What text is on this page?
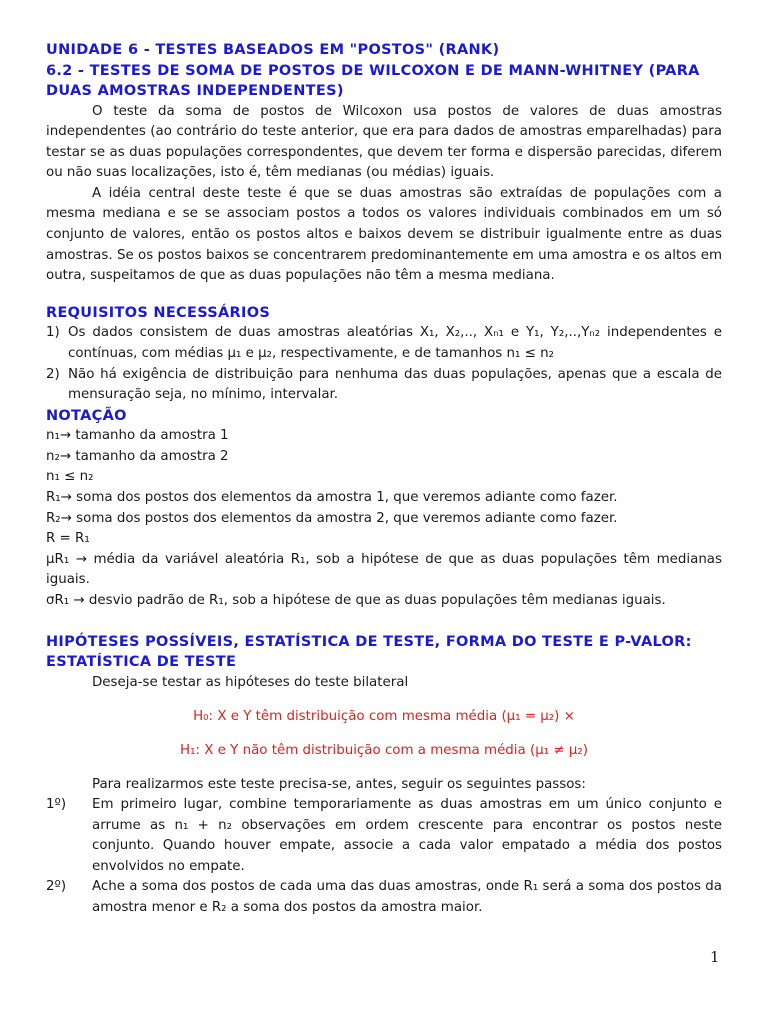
UNIDADE 6 - TESTES BASEADOS EM "POSTOS" (RANK)

6.2 - TESTES DE SOMA DE POSTOS DE WILCOXON E DE MANN-WHITNEY (PARA DUAS AMOSTRAS INDEPENDENTES)

O teste da soma de postos de Wilcoxon usa postos de valores de duas amostras independentes (ao contrário do teste anterior, que era para dados de amostras emparelhadas) para testar se as duas populações correspondentes, que devem ter forma e dispersão parecidas, diferem ou não suas localizações, isto é, têm medianas (ou médias) iguais.

A idéia central deste teste é que se duas amostras são extraídas de populações com a mesma mediana e se se associam postos a todos os valores individuais combinados em um só conjunto de valores, então os postos altos e baixos devem se distribuir igualmente entre as duas amostras. Se os postos baixos se concentrarem predominantemente em uma amostra e os altos em outra, suspeitamos de que as duas populações não têm a mesma mediana.

REQUISITOS NECESSÁRIOS

1) Os dados consistem de duas amostras aleatórias X₁, X₂,.., Xₙ₁ e Y₁, Y₂,..,Yₙ₂ independentes e contínuas, com médias μ₁ e μ₂, respectivamente, e de tamanhos n₁ ≤ n₂
2) Não há exigência de distribuição para nenhuma das duas populações, apenas que a escala de mensuração seja, no mínimo, intervalar.

NOTAÇÃO

n₁→ tamanho da amostra 1

n₂→ tamanho da amostra 2

n₁ ≤ n₂

R₁→ soma dos postos dos elementos da amostra 1, que veremos adiante como fazer.

R₂→ soma dos postos dos elementos da amostra 2, que veremos adiante como fazer.

R = R₁

μR₁ → média da variável aleatória R₁, sob a hipótese de que as duas populações têm medianas iguais.

σR₁ → desvio padrão de R₁, sob a hipótese de que as duas populações têm medianas iguais.

HIPÓTESES POSSÍVEIS, ESTATÍSTICA DE TESTE, FORMA DO TESTE E P-VALOR:

ESTATÍSTICA DE TESTE

Deseja-se testar as hipóteses do teste bilateral

H₀: X e Y têm distribuição com mesma média (μ₁ = μ₂) ×

H₁: X e Y não têm distribuição com a mesma média (μ₁ ≠ μ₂)

Para realizarmos este teste precisa-se, antes, seguir os seguintes passos:

1º)	Em primeiro lugar, combine temporariamente as duas amostras em um único conjunto e arrume as n₁ + n₂ observações em ordem crescente para encontrar os postos neste conjunto. Quando houver empate, associe a cada valor empatado a média dos postos envolvidos no empate.
2º)	Ache a soma dos postos de cada uma das duas amostras, onde R₁ será a soma dos postos da amostra menor e R₂ a soma dos postos da amostra maior.
1
